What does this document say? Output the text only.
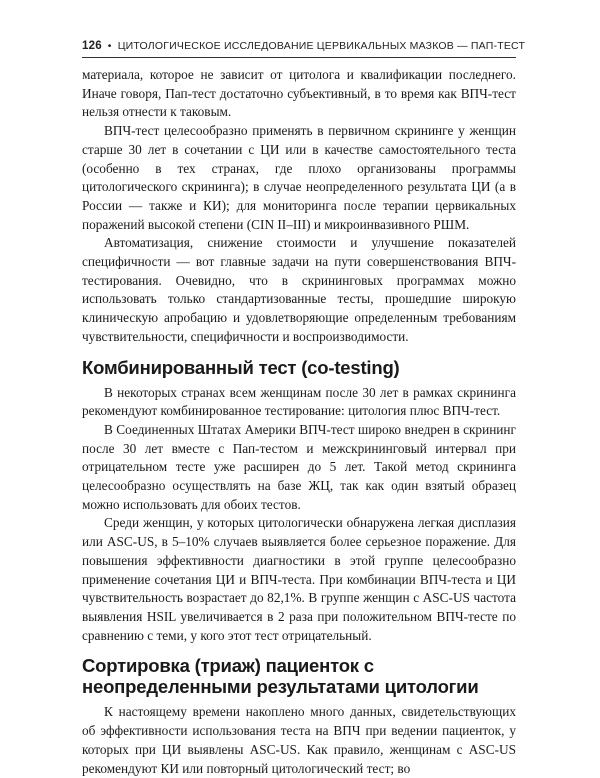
126 • ЦИТОЛОГИЧЕСКОЕ ИССЛЕДОВАНИЕ ЦЕРВИКАЛЬНЫХ МАЗКОВ — ПАП-ТЕСТ

материала, которое не зависит от цитолога и квалификации последнего. Иначе говоря, Пап-тест достаточно субъективный, в то время как ВПЧ-тест нельзя отнести к таковым.

ВПЧ-тест целесообразно применять в первичном скрининге у женщин старше 30 лет в сочетании с ЦИ или в качестве самостоятельного теста (особенно в тех странах, где плохо организованы программы цитологического скрининга); в случае неопределенного результата ЦИ (а в России — также и КИ); для мониторинга после терапии цервикальных поражений высокой степени (CIN II–III) и микроинвазивного РШМ.

Автоматизация, снижение стоимости и улучшение показателей специфичности — вот главные задачи на пути совершенствования ВПЧ-тестирования. Очевидно, что в скрининговых программах можно использовать только стандартизованные тесты, прошедшие широкую клиническую апробацию и удовлетворяющие определенным требованиям чувствительности, специфичности и воспроизводимости.

Комбинированный тест (co-testing)

В некоторых странах всем женщинам после 30 лет в рамках скрининга рекомендуют комбинированное тестирование: цитология плюс ВПЧ-тест.

В Соединенных Штатах Америки ВПЧ-тест широко внедрен в скрининг после 30 лет вместе с Пап-тестом и межскрининговый интервал при отрицательном тесте уже расширен до 5 лет. Такой метод скрининга целесообразно осуществлять на базе ЖЦ, так как один взятый образец можно использовать для обоих тестов.

Среди женщин, у которых цитологически обнаружена легкая дисплазия или ASC-US, в 5–10% случаев выявляется более серьезное поражение. Для повышения эффективности диагностики в этой группе целесообразно применение сочетания ЦИ и ВПЧ-теста. При комбинации ВПЧ-теста и ЦИ чувствительность возрастает до 82,1%. В группе женщин с ASC-US частота выявления HSIL увеличивается в 2 раза при положительном ВПЧ-тесте по сравнению с теми, у кого этот тест отрицательный.

Сортировка (триаж) пациенток с неопределенными результатами цитологии

К настоящему времени накоплено много данных, свидетельствующих об эффективности использования теста на ВПЧ при ведении пациенток, у которых при ЦИ выявлены ASC-US. Как правило, женщинам с ASC-US рекомендуют КИ или повторный цитологический тест; во
